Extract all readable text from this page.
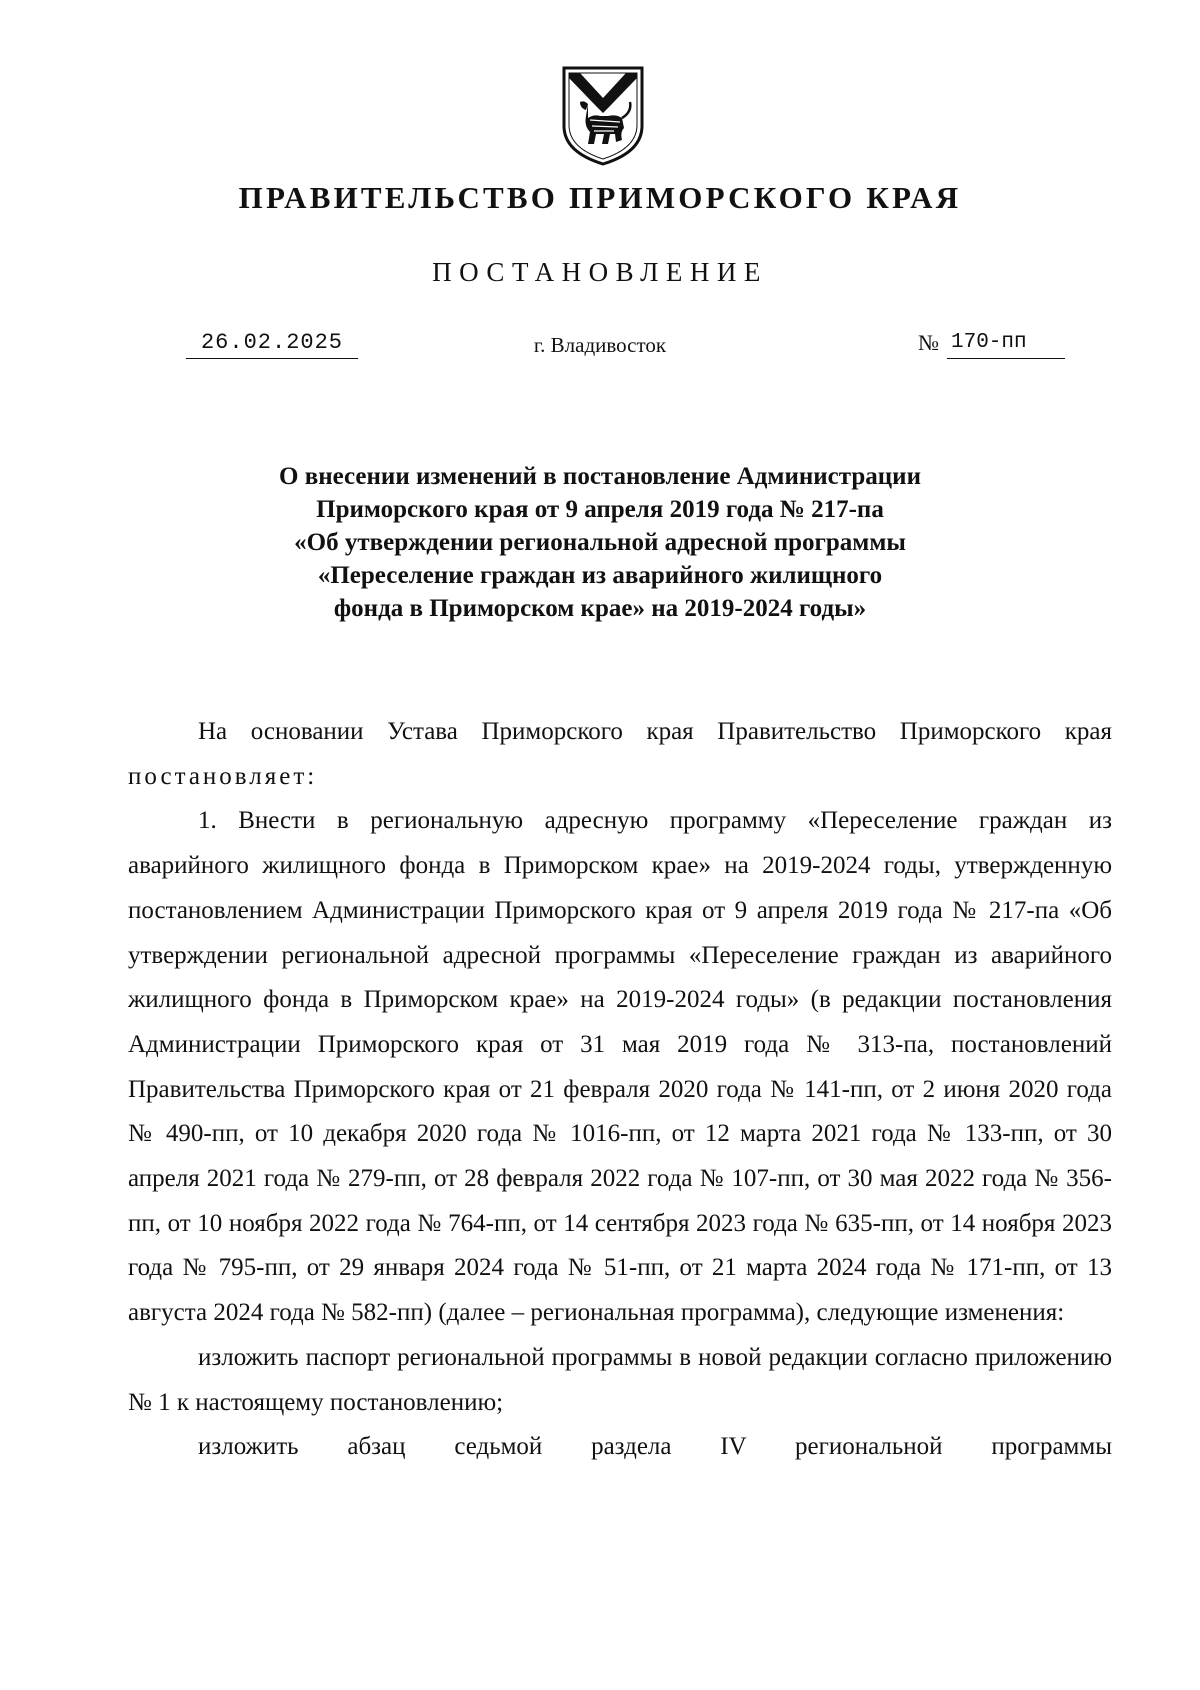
ПРАВИТЕЛЬСТВО ПРИМОРСКОГО КРАЯ
ПОСТАНОВЛЕНИЕ
26.02.2025	г. Владивосток	№ 170-пп
О внесении изменений в постановление Администрации
Приморского края от 9 апреля 2019 года № 217-па
«Об утверждении региональной адресной программы
«Переселение граждан из аварийного жилищного
фонда в Приморском крае» на 2019-2024 годы»

На основании Устава Приморского края Правительство Приморского края постановляет:

1. Внести в региональную адресную программу «Переселение граждан из аварийного жилищного фонда в Приморском крае» на 2019-2024 годы, утвержденную постановлением Администрации Приморского края от 9 апреля 2019 года № 217-па «Об утверждении региональной адресной программы «Переселение граждан из аварийного жилищного фонда в Приморском крае» на 2019-2024 годы» (в редакции постановления Администрации Приморского края от 31 мая 2019 года № 313-па, постановлений Правительства Приморского края от 21 февраля 2020 года № 141-пп, от 2 июня 2020 года № 490-пп, от 10 декабря 2020 года № 1016-пп, от 12 марта 2021 года № 133-пп, от 30 апреля 2021 года № 279-пп, от 28 февраля 2022 года № 107-пп, от 30 мая 2022 года № 356-пп, от 10 ноября 2022 года № 764-пп, от 14 сентября 2023 года № 635-пп, от 14 ноября 2023 года № 795-пп, от 29 января 2024 года № 51-пп, от 21 марта 2024 года № 171-пп, от 13 августа 2024 года № 582-пп) (далее – региональная программа), следующие изменения:

изложить паспорт региональной программы в новой редакции согласно приложению № 1 к настоящему постановлению;

изложить абзац седьмой раздела IV региональной программы
